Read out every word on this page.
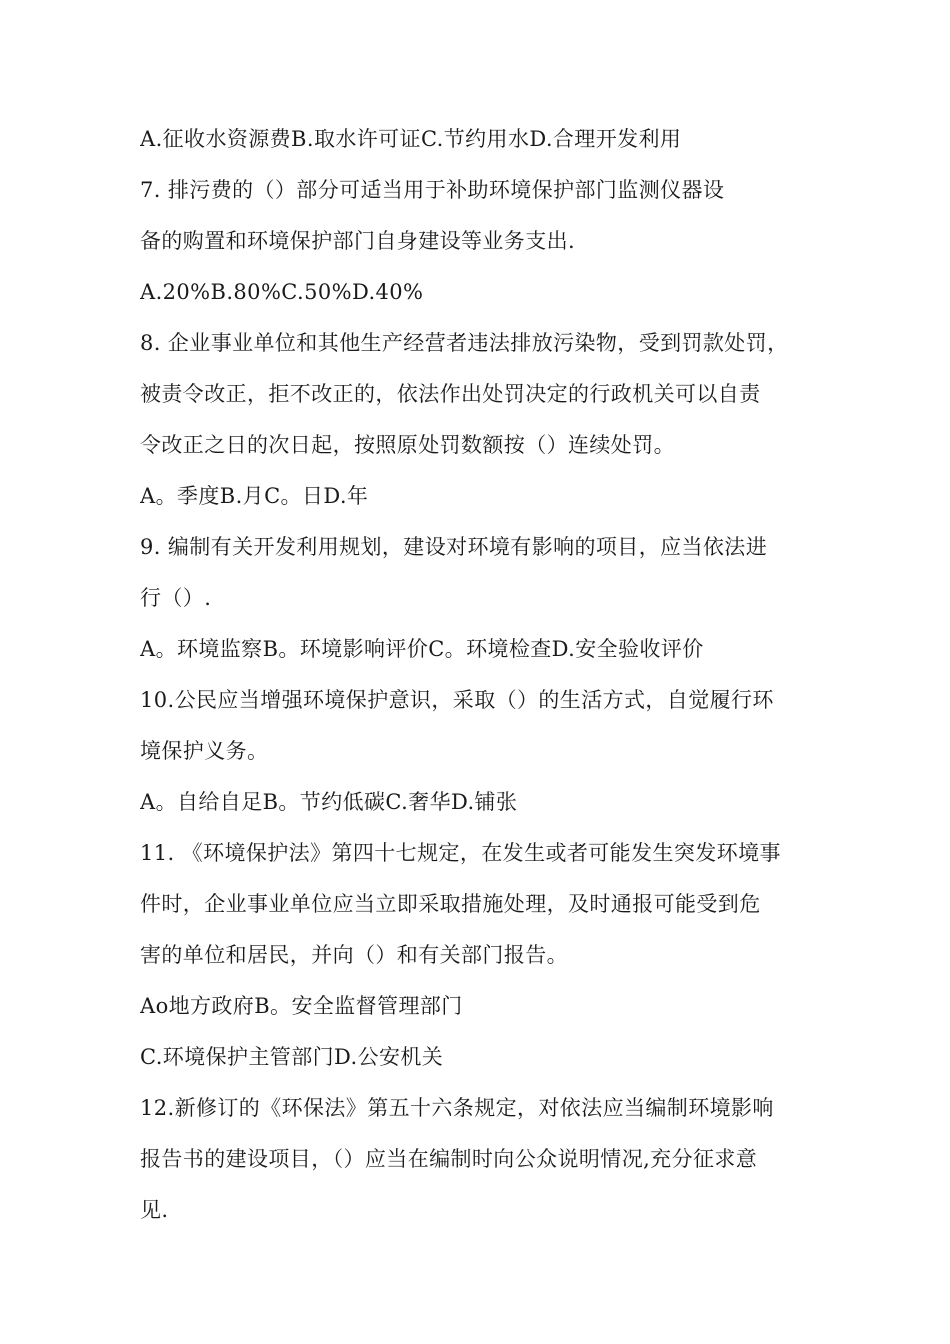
A.征收水资源费B.取水许可证C.节约用水D.合理开发利用
7. 排污费的（）部分可适当用于补助环境保护部门监测仪器设
备的购置和环境保护部门自身建设等业务支出.
A.20%B.80%C.50%D.40%
8. 企业事业单位和其他生产经营者违法排放污染物，受到罚款处罚，
被责令改正，拒不改正的，依法作出处罚决定的行政机关可以自责
令改正之日的次日起，按照原处罚数额按（）连续处罚。
A。季度B.月C。日D.年
9. 编制有关开发利用规划，建设对环境有影响的项目，应当依法进
行（）.
A。环境监察B。环境影响评价C。环境检查D.安全验收评价
10.公民应当增强环境保护意识，采取（）的生活方式，自觉履行环
境保护义务。
A。自给自足B。节约低碳C.奢华D.铺张
11. 《环境保护法》第四十七规定，在发生或者可能发生突发环境事
件时，企业事业单位应当立即采取措施处理，及时通报可能受到危
害的单位和居民，并向（）和有关部门报告。
Ao地方政府B。安全监督管理部门
C.环境保护主管部门D.公安机关
12.新修订的《环保法》第五十六条规定，对依法应当编制环境影响
报告书的建设项目，（）应当在编制时向公众说明情况,充分征求意
见.
